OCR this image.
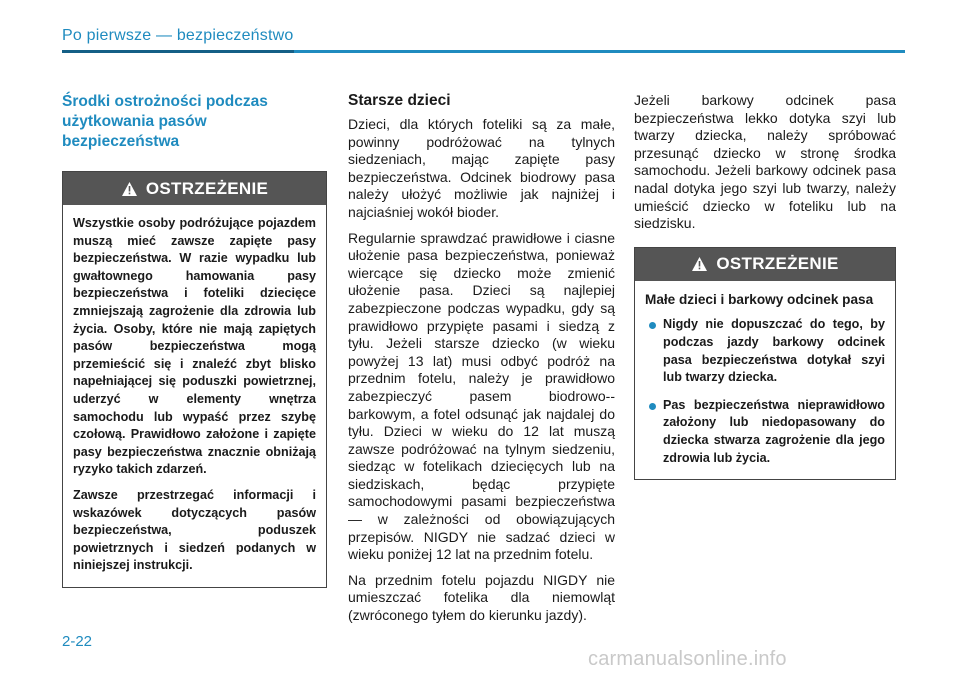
Po pierwsze — bezpieczeństwo
Środki ostrożności podczas
użytkowania pasów bezpieczeństwa
OSTRZEŻENIE

Wszystkie osoby podróżujące pojazdem muszą mieć zawsze zapięte pasy bezpieczeństwa. W razie wypadku lub gwałtownego hamowania pasy bezpieczeństwa i foteliki dziecięce zmniejszają zagrożenie dla zdrowia lub życia. Osoby, które nie mają zapiętych pasów bezpieczeństwa mogą przemieścić się i znaleźć zbyt blisko napełniającej się poduszki powietrznej, uderzyć w elementy wnętrza samochodu lub wypaść przez szybę czołową. Prawidłowo założone i zapięte pasy bezpieczeństwa znacznie obniżają ryzyko takich zdarzeń.

Zawsze przestrzegać informacji i wskazówek dotyczących pasów bezpieczeństwa, poduszek powietrznych i siedzeń podanych w niniejszej instrukcji.

Starsze dzieci

Dzieci, dla których foteliki są za małe, powinny podróżować na tylnych siedzeniach, mając zapięte pasy bezpieczeństwa. Odcinek biodrowy pasa należy ułożyć możliwie jak najniżej i najciaśniej wokół bioder.

Regularnie sprawdzać prawidłowe i ciasne ułożenie pasa bezpieczeństwa, ponieważ wiercące się dziecko może zmienić ułożenie pasa. Dzieci są najlepiej zabezpieczone podczas wypadku, gdy są prawidłowo przypięte pasami i siedzą z tyłu. Jeżeli starsze dziecko (w wieku powyżej 13 lat) musi odbyć podróż na przednim fotelu, należy je prawidłowo zabezpieczyć pasem biodrowo--barkowym, a fotel odsunąć jak najdalej do tyłu. Dzieci w wieku do 12 lat muszą zawsze podróżować na tylnym siedzeniu, siedząc w fotelikach dziecięcych lub na siedziskach, będąc przypięte samochodowymi pasami bezpieczeństwa — w zależności od obowiązujących przepisów. NIGDY nie sadzać dzieci w wieku poniżej 12 lat na przednim fotelu.

Na przednim fotelu pojazdu NIGDY nie umieszczać fotelika dla niemowląt (zwróconego tyłem do kierunku jazdy).

Jeżeli barkowy odcinek pasa bezpieczeństwa lekko dotyka szyi lub twarzy dziecka, należy spróbować przesunąć dziecko w stronę środka samochodu. Jeżeli barkowy odcinek pasa nadal dotyka jego szyi lub twarzy, należy umieścić dziecko w foteliku lub na siedzisku.

OSTRZEŻENIE

Małe dzieci i barkowy odcinek pasa

Nigdy nie dopuszczać do tego, by podczas jazdy barkowy odcinek pasa bezpieczeństwa dotykał szyi lub twarzy dziecka.
Pas bezpieczeństwa nieprawidłowo założony lub niedopasowany do dziecka stwarza zagrożenie dla jego zdrowia lub życia.
2-22
carmanualsonline.info
